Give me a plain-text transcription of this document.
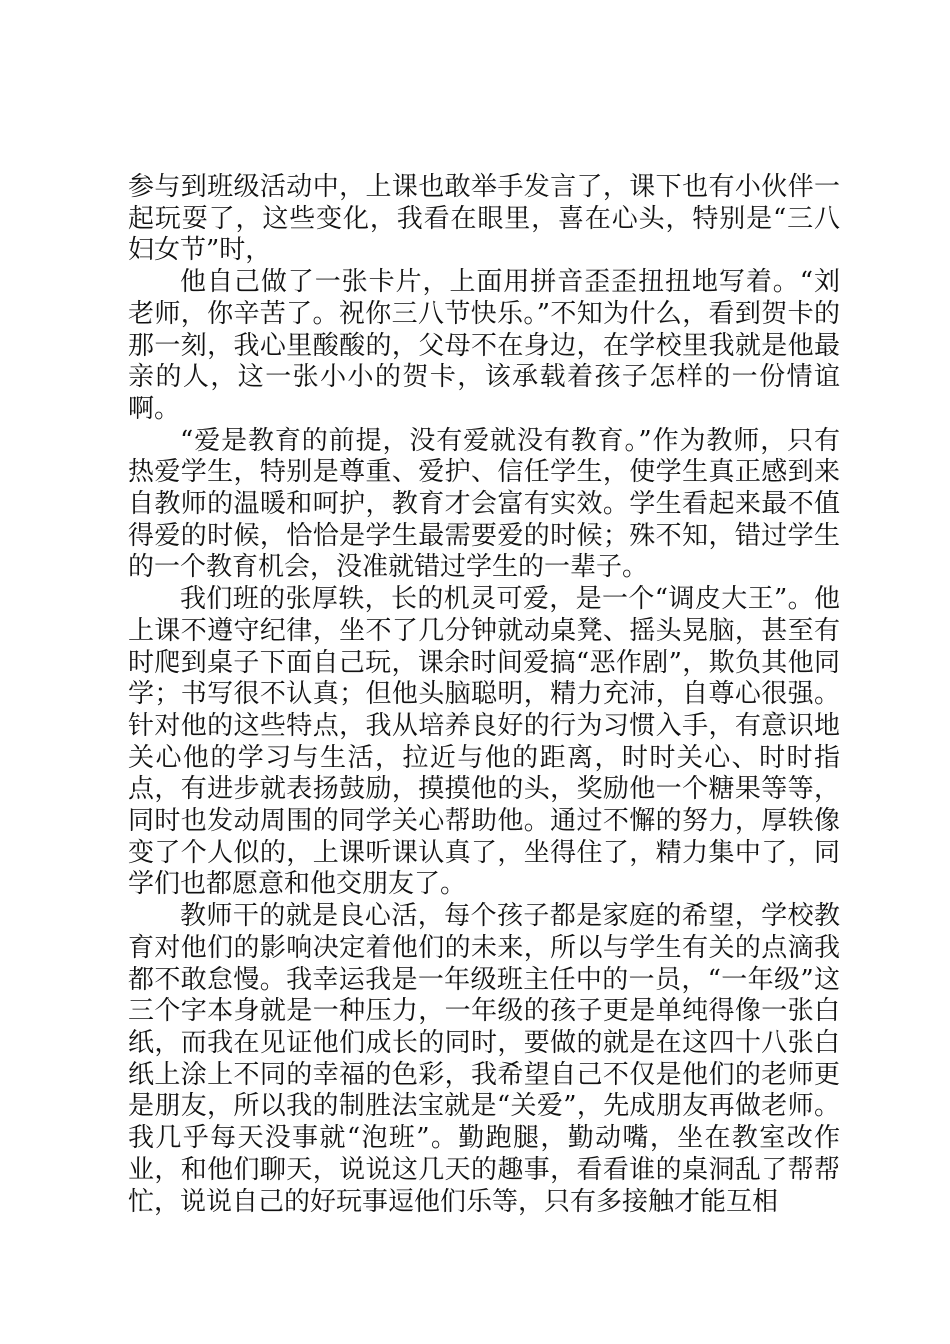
参与到班级活动中，上课也敢举手发言了，课下也有小伙伴一起玩耍了，这些变化，我看在眼里，喜在心头，特别是“三八妇女节”时，

他自己做了一张卡片，上面用拼音歪歪扭扭地写着。“刘老师，你辛苦了。祝你三八节快乐。”不知为什么，看到贺卡的那一刻，我心里酸酸的，父母不在身边，在学校里我就是他最亲的人，这一张小小的贺卡，该承载着孩子怎样的一份情谊啊。

“爱是教育的前提，没有爱就没有教育。”作为教师，只有热爱学生，特别是尊重、爱护、信任学生，使学生真正感到来自教师的温暖和呵护，教育才会富有实效。学生看起来最不值得爱的时候，恰恰是学生最需要爱的时候；殊不知，错过学生的一个教育机会，没准就错过学生的一辈子。

我们班的张厚轶，长的机灵可爱，是一个“调皮大王”。他上课不遵守纪律，坐不了几分钟就动桌凳、摇头晃脑，甚至有时爬到桌子下面自己玩，课余时间爱搞“恶作剧”，欺负其他同学；书写很不认真；但他头脑聪明，精力充沛，自尊心很强。针对他的这些特点，我从培养良好的行为习惯入手，有意识地关心他的学习与生活，拉近与他的距离，时时关心、时时指点，有进步就表扬鼓励，摸摸他的头，奖励他一个糖果等等，同时也发动周围的同学关心帮助他。通过不懈的努力，厚轶像变了个人似的，上课听课认真了，坐得住了，精力集中了，同学们也都愿意和他交朋友了。

教师干的就是良心活，每个孩子都是家庭的希望，学校教育对他们的影响决定着他们的未来，所以与学生有关的点滴我都不敢怠慢。我幸运我是一年级班主任中的一员，“一年级”这三个字本身就是一种压力，一年级的孩子更是单纯得像一张白纸，而我在见证他们成长的同时，要做的就是在这四十八张白纸上涂上不同的幸福的色彩，我希望自己不仅是他们的老师更是朋友，所以我的制胜法宝就是“关爱”，先成朋友再做老师。我几乎每天没事就“泡班”。勤跑腿，勤动嘴，坐在教室改作业，和他们聊天，说说这几天的趣事，看看谁的桌洞乱了帮帮忙，说说自己的好玩事逗他们乐等，只有多接触才能互相
